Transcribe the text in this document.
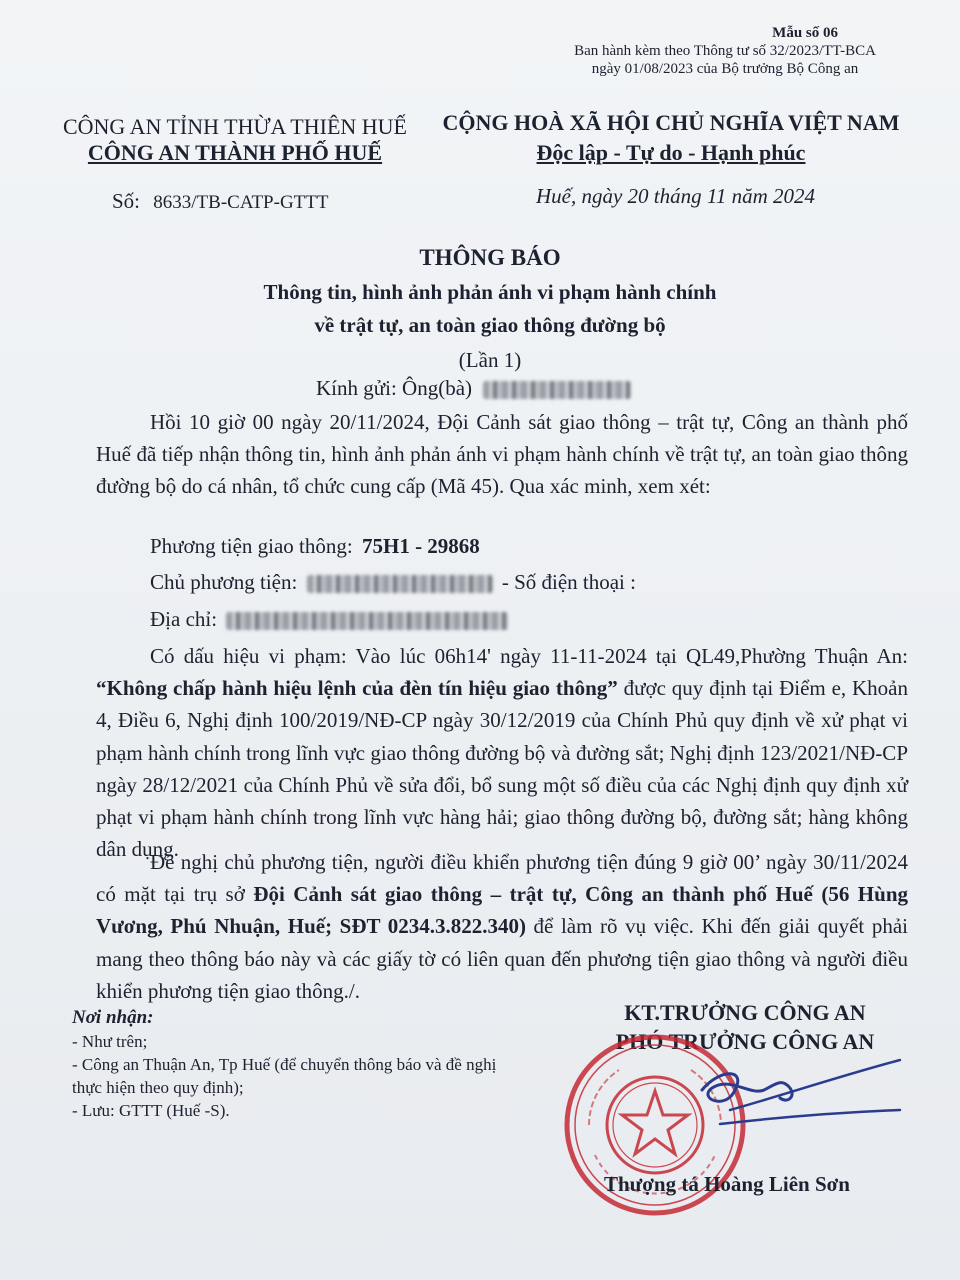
Mẫu số 06
Ban hành kèm theo Thông tư số 32/2023/TT-BCA
ngày 01/08/2023 của Bộ trưởng Bộ Công an
CÔNG AN TỈNH THỪA THIÊN HUẾ
CÔNG AN THÀNH PHỐ HUẾ
CỘNG HOÀ XÃ HỘI CHỦ NGHĨA VIỆT NAM
Độc lập - Tự do - Hạnh phúc
Số: 8633/TB-CATP-GTTT	Huế, ngày 20 tháng 11 năm 2024
THÔNG BÁO
Thông tin, hình ảnh phản ánh vi phạm hành chính
về trật tự, an toàn giao thông đường bộ
(Lần 1)
Kính gửi: Ông(bà)
Hồi 10 giờ 00 ngày 20/11/2024, Đội Cảnh sát giao thông – trật tự, Công an thành phố Huế đã tiếp nhận thông tin, hình ảnh phản ánh vi phạm hành chính về trật tự, an toàn giao thông đường bộ do cá nhân, tổ chức cung cấp (Mã 45). Qua xác minh, xem xét:
Phương tiện giao thông: 75H1 - 29868
Chủ phương tiện:	- Số điện thoại :
Địa chỉ:
Có dấu hiệu vi phạm: Vào lúc 06h14' ngày 11-11-2024 tại QL49,Phường Thuận An: “Không chấp hành hiệu lệnh của đèn tín hiệu giao thông” được quy định tại Điểm e, Khoản 4, Điều 6, Nghị định 100/2019/NĐ-CP ngày 30/12/2019 của Chính Phủ quy định về xử phạt vi phạm hành chính trong lĩnh vực giao thông đường bộ và đường sắt; Nghị định 123/2021/NĐ-CP ngày 28/12/2021 của Chính Phủ về sửa đổi, bổ sung một số điều của các Nghị định quy định xử phạt vi phạm hành chính trong lĩnh vực hàng hải; giao thông đường bộ, đường sắt; hàng không dân dụng.
Đề nghị chủ phương tiện, người điều khiển phương tiện đúng 9 giờ 00’ ngày 30/11/2024 có mặt tại trụ sở Đội Cảnh sát giao thông – trật tự, Công an thành phố Huế (56 Hùng Vương, Phú Nhuận, Huế; SĐT 0234.3.822.340) để làm rõ vụ việc. Khi đến giải quyết phải mang theo thông báo này và các giấy tờ có liên quan đến phương tiện giao thông và người điều khiển phương tiện giao thông./.
Nơi nhận:
- Như trên;
- Công an Thuận An, Tp Huế (để chuyển thông báo và đề nghị thực hiện theo quy định);
- Lưu: GTTT (Huế -S).
KT.TRƯỞNG CÔNG AN
PHÓ TRƯỞNG CÔNG AN
Thượng tá Hoàng Liên Sơn
